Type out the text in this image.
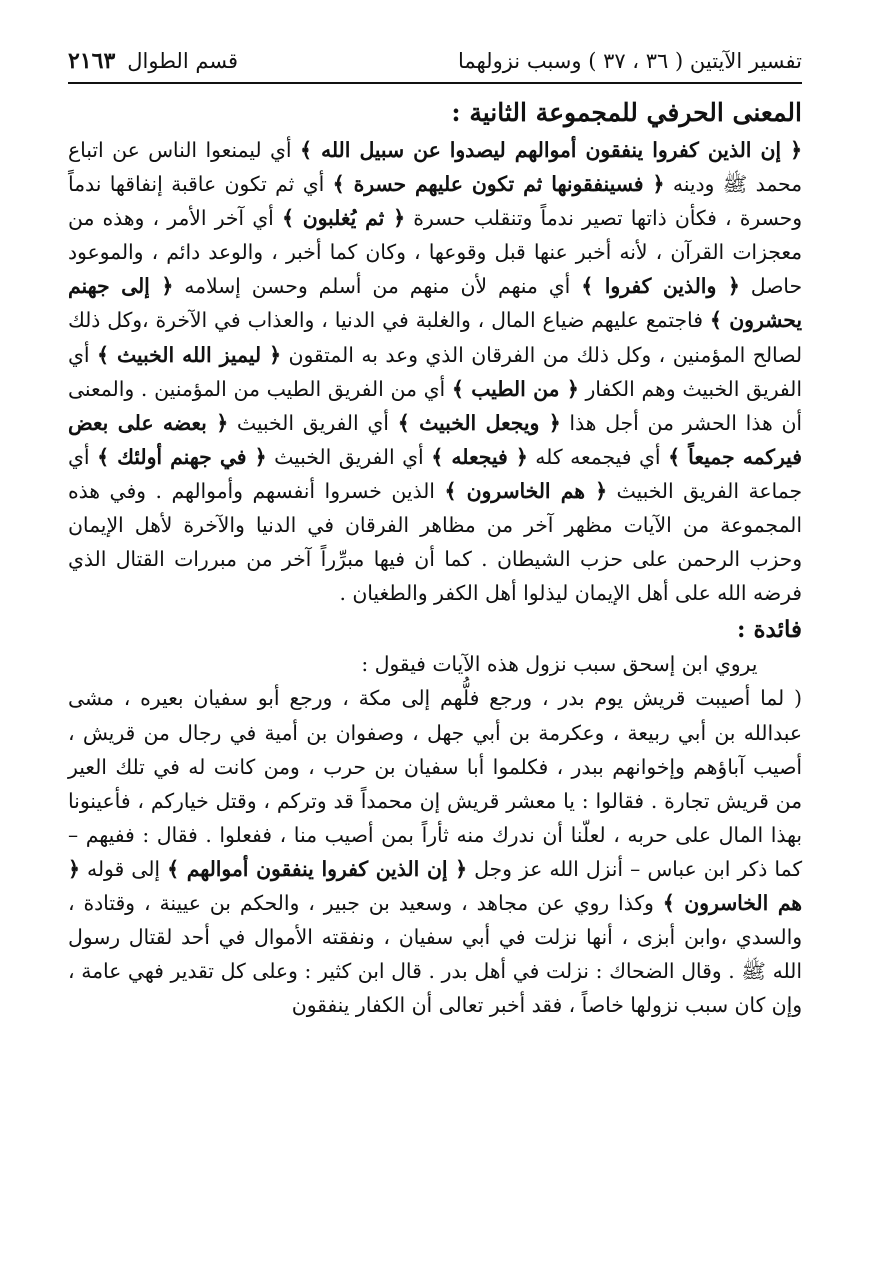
تفسير الآيتين ( ٣٦ ، ٣٧ ) وسبب نزولهما
قسم الطوال
٢١٦٣
المعنى الحرفي للمجموعة الثانية :

﴿ إن الذين كفروا ينفقون أموالهم ليصدوا عن سبيل الله ﴾ أي ليمنعوا الناس عن اتباع محمد ﷺ ودينه ﴿ فسينفقونها ثم تكون عليهم حسرة ﴾ أي ثم تكون عاقبة إنفاقها ندماً وحسرة ، فكأن ذاتها تصير ندماً وتنقلب حسرة ﴿ ثم يُغلبون ﴾ أي آخر الأمر ، وهذه من معجزات القرآن ، لأنه أخبر عنها قبل وقوعها ، وكان كما أخبر ، والوعد دائم ، والموعود حاصل ﴿ والذين كفروا ﴾ أي منهم لأن منهم من أسلم وحسن إسلامه ﴿ إلى جهنم يحشرون ﴾ فاجتمع عليهم ضياع المال ، والغلبة في الدنيا ، والعذاب في الآخرة ،وكل ذلك لصالح المؤمنين ، وكل ذلك من الفرقان الذي وعد به المتقون ﴿ ليميز الله الخبيث ﴾ أي الفريق الخبيث وهم الكفار ﴿ من الطيب ﴾ أي من الفريق الطيب من المؤمنين . والمعنى أن هذا الحشر من أجل هذا ﴿ ويجعل الخبيث ﴾ أي الفريق الخبيث ﴿ بعضه على بعض فيركمه جميعاً ﴾ أي فيجمعه كله ﴿ فيجعله ﴾ أي الفريق الخبيث ﴿ في جهنم أولئك ﴾ أي جماعة الفريق الخبيث ﴿ هم الخاسرون ﴾ الذين خسروا أنفسهم وأموالهم . وفي هذه المجموعة من الآيات مظهر آخر من مظاهر الفرقان في الدنيا والآخرة لأهل الإيمان وحزب الرحمن على حزب الشيطان . كما أن فيها مبرِّراً آخر من مبررات القتال الذي فرضه الله على أهل الإيمان ليذلوا أهل الكفر والطغيان .

فائدة :

يروي ابن إسحق سبب نزول هذه الآيات فيقول :

( لما أصيبت قريش يوم بدر ، ورجع فلُّهم إلى مكة ، ورجع أبو سفيان بعيره ، مشى عبدالله بن أبي ربيعة ، وعكرمة بن أبي جهل ، وصفوان بن أمية في رجال من قريش ، أصيب آباؤهم وإخوانهم ببدر ، فكلموا أبا سفيان بن حرب ، ومن كانت له في تلك العير من قريش تجارة . فقالوا : يا معشر قريش إن محمداً قد وتركم ، وقتل خياركم ، فأعينونا بهذا المال على حربه ، لعلّنا أن ندرك منه ثأراً بمن أصيب منا ، ففعلوا . فقال : ففيهم – كما ذكر ابن عباس – أنزل الله عز وجل ﴿ إن الذين كفروا ينفقون أموالهم ﴾ إلى قوله ﴿ هم الخاسرون ﴾ وكذا روي عن مجاهد ، وسعيد بن جبير ، والحكم بن عيينة ، وقتادة ، والسدي ،وابن أبزى ، أنها نزلت في أبي سفيان ، ونفقته الأموال في أحد لقتال رسول الله ﷺ . وقال الضحاك : نزلت في أهل بدر . قال ابن كثير : وعلى كل تقدير فهي عامة ، وإن كان سبب نزولها خاصاً ، فقد أخبر تعالى أن الكفار ينفقون
